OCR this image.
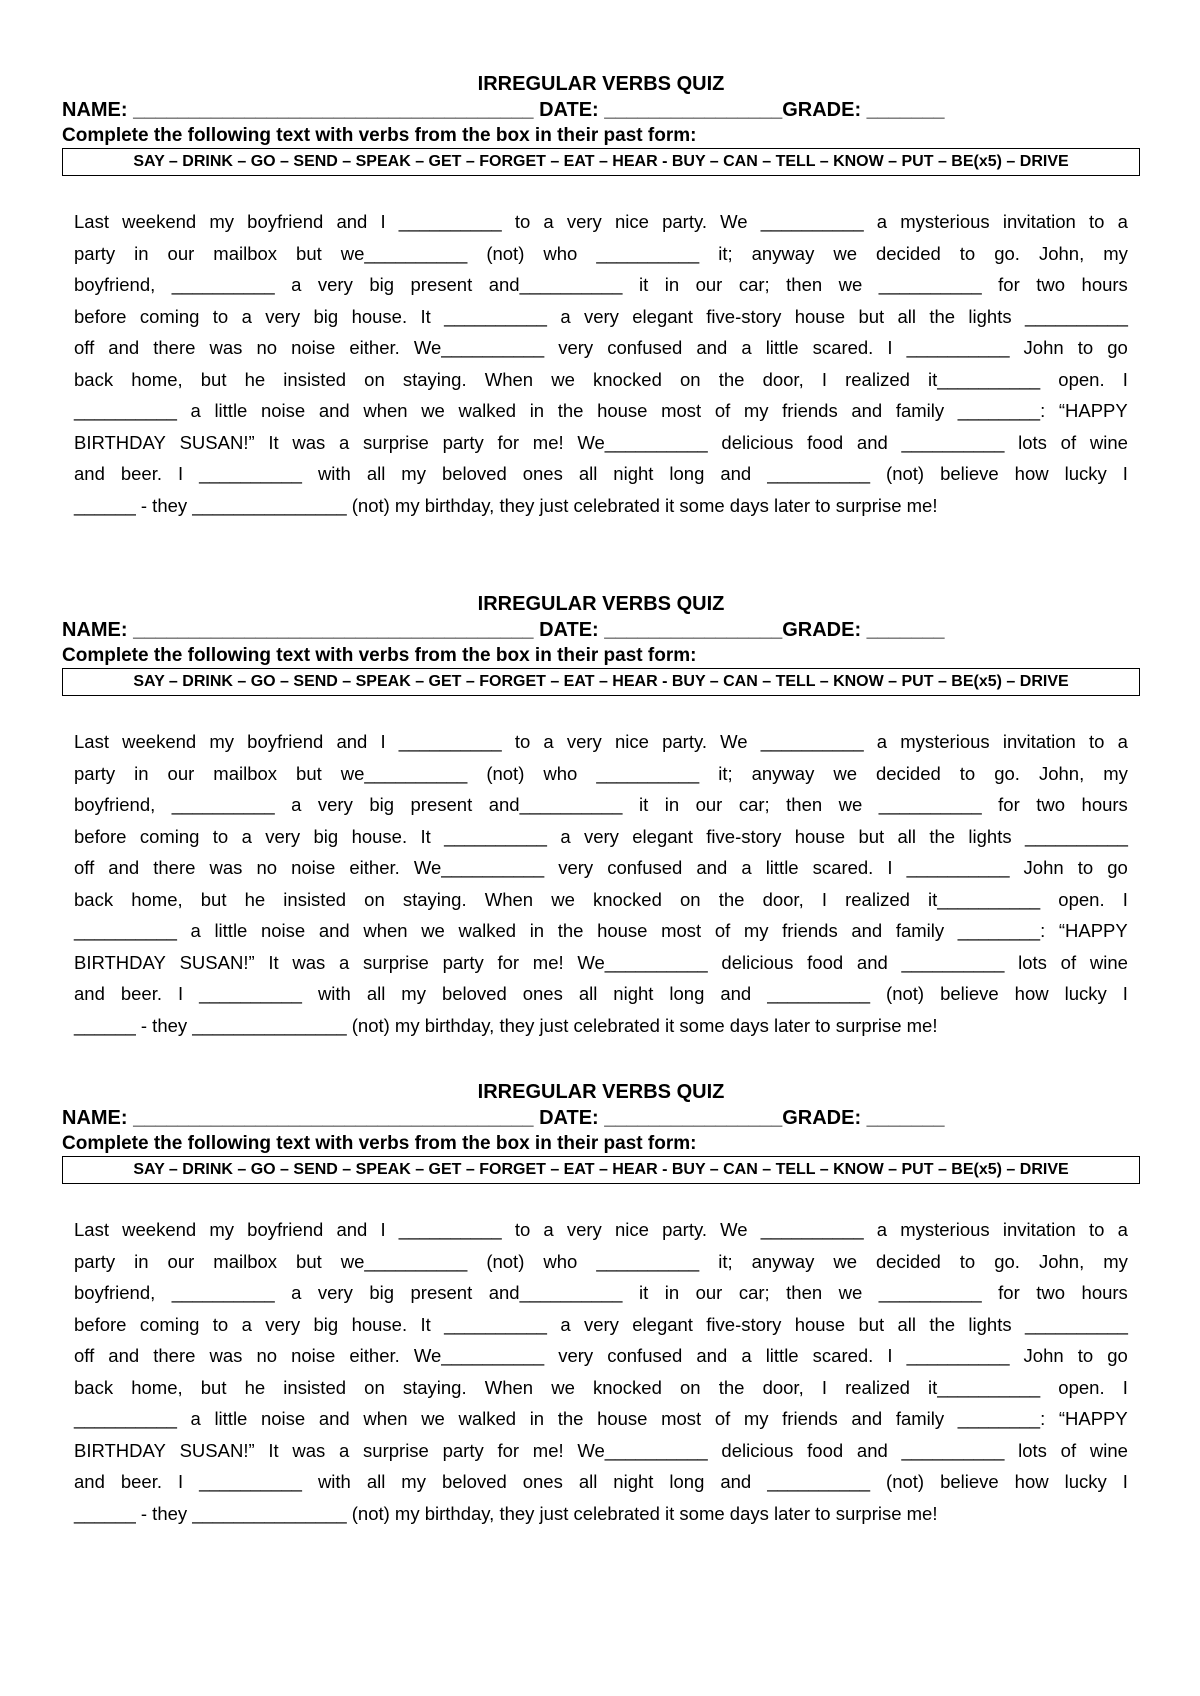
IRREGULAR VERBS QUIZ
NAME: ____________________________________ DATE: ________________GRADE: _______
Complete the following text with verbs from the box in their past form:
SAY – DRINK – GO – SEND – SPEAK – GET – FORGET – EAT – HEAR - BUY – CAN – TELL – KNOW – PUT – BE(x5) – DRIVE
Last weekend my boyfriend and I __________ to a very nice party. We __________ a mysterious invitation to a
party in our mailbox but we__________ (not) who __________ it; anyway we decided to go. John, my
boyfriend, __________ a very big present and__________ it in our car; then we __________ for two hours
before coming to a very big house. It __________ a very elegant five-story house but all the lights __________
off and there was no noise either. We__________ very confused and a little scared. I __________ John to go
back home, but he insisted on staying. When we knocked on the door, I realized it__________ open. I
__________ a little noise and when we walked in the house most of my friends and family ________: “HAPPY
BIRTHDAY SUSAN!” It was a surprise party for me! We__________ delicious food and __________ lots of wine
and beer. I __________ with all my beloved ones all night long and __________ (not) believe how lucky I
______ - they _______________ (not) my birthday, they just celebrated it some days later to surprise me!
IRREGULAR VERBS QUIZ
NAME: ____________________________________ DATE: ________________GRADE: _______
Complete the following text with verbs from the box in their past form:
SAY – DRINK – GO – SEND – SPEAK – GET – FORGET – EAT – HEAR - BUY – CAN – TELL – KNOW – PUT – BE(x5) – DRIVE
Last weekend my boyfriend and I __________ to a very nice party. We __________ a mysterious invitation to a
party in our mailbox but we__________ (not) who __________ it; anyway we decided to go. John, my
boyfriend, __________ a very big present and__________ it in our car; then we __________ for two hours
before coming to a very big house. It __________ a very elegant five-story house but all the lights __________
off and there was no noise either. We__________ very confused and a little scared. I __________ John to go
back home, but he insisted on staying. When we knocked on the door, I realized it__________ open. I
__________ a little noise and when we walked in the house most of my friends and family ________: “HAPPY
BIRTHDAY SUSAN!” It was a surprise party for me! We__________ delicious food and __________ lots of wine
and beer. I __________ with all my beloved ones all night long and __________ (not) believe how lucky I
______ - they _______________ (not) my birthday, they just celebrated it some days later to surprise me!
IRREGULAR VERBS QUIZ
NAME: ____________________________________ DATE: ________________GRADE: _______
Complete the following text with verbs from the box in their past form:
SAY – DRINK – GO – SEND – SPEAK – GET – FORGET – EAT – HEAR - BUY – CAN – TELL – KNOW – PUT – BE(x5) – DRIVE
Last weekend my boyfriend and I __________ to a very nice party. We __________ a mysterious invitation to a
party in our mailbox but we__________ (not) who __________ it; anyway we decided to go. John, my
boyfriend, __________ a very big present and__________ it in our car; then we __________ for two hours
before coming to a very big house. It __________ a very elegant five-story house but all the lights __________
off and there was no noise either. We__________ very confused and a little scared. I __________ John to go
back home, but he insisted on staying. When we knocked on the door, I realized it__________ open. I
__________ a little noise and when we walked in the house most of my friends and family ________: “HAPPY
BIRTHDAY SUSAN!” It was a surprise party for me! We__________ delicious food and __________ lots of wine
and beer. I __________ with all my beloved ones all night long and __________ (not) believe how lucky I
______ - they _______________ (not) my birthday, they just celebrated it some days later to surprise me!
